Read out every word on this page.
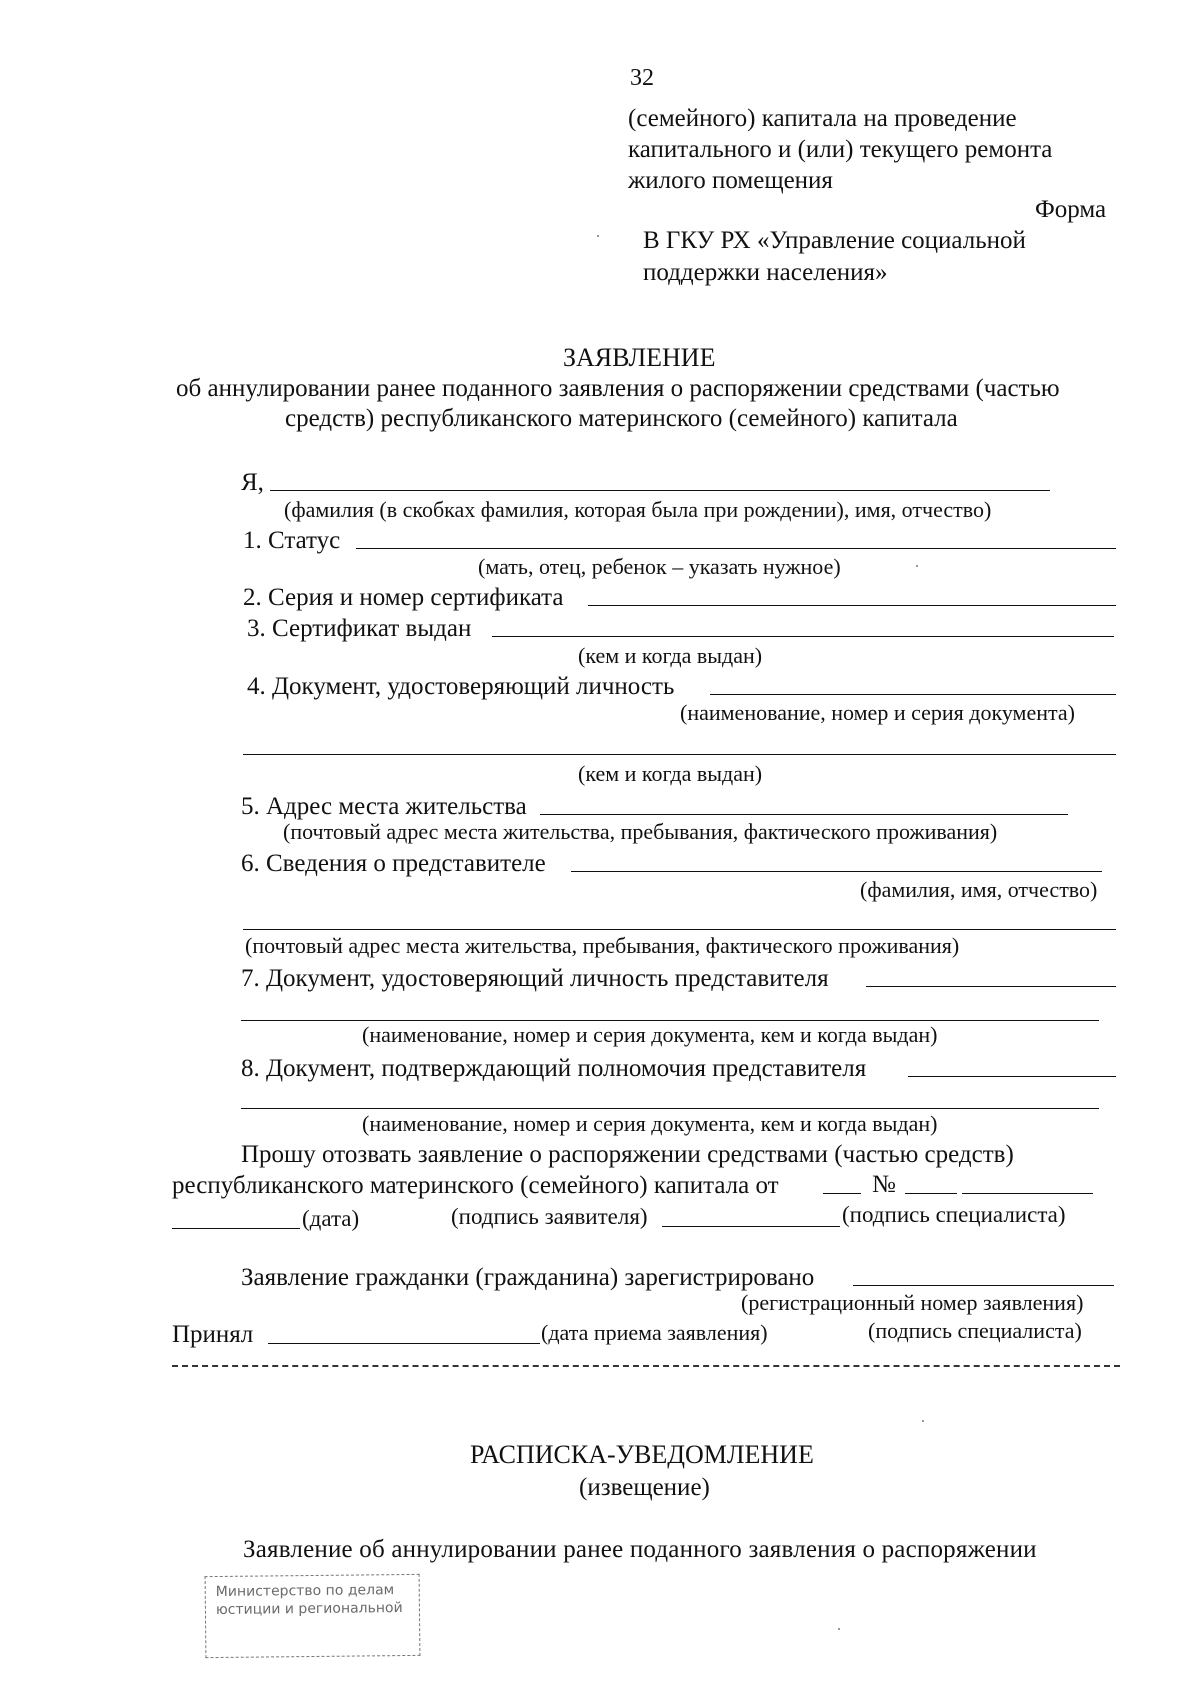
32
(семейного) капитала на проведение
капитального и (или) текущего ремонта
жилого помещения
Форма
В ГКУ РХ «Управление социальной
поддержки населения»
ЗАЯВЛЕНИЕ
об аннулировании ранее поданного заявления о распоряжении средствами (частью
средств) республиканского материнского (семейного) капитала
Я,
(фамилия (в скобках фамилия, которая была при рождении), имя, отчество)
1. Статус
(мать, отец, ребенок – указать нужное)
2. Серия и номер сертификата
3. Сертификат выдан
(кем и когда выдан)
4. Документ, удостоверяющий личность
(наименование, номер и серия документа)
(кем и когда выдан)
5. Адрес места жительства
(почтовый адрес места жительства, пребывания, фактического проживания)
6. Сведения о представителе
(фамилия, имя, отчество)
(почтовый адрес места жительства, пребывания, фактического проживания)
7. Документ, удостоверяющий личность представителя
(наименование, номер и серия документа, кем и когда выдан)
8. Документ, подтверждающий полномочия представителя
(наименование, номер и серия документа, кем и когда выдан)
Прошу отозвать заявление о распоряжении средствами (частью средств)
республиканского материнского (семейного) капитала от	№
(дата)	(подпись заявителя)	(подпись специалиста)
Заявление гражданки (гражданина) зарегистрировано
(регистрационный номер заявления)
Принял	(дата приема заявления)	(подпись специалиста)
РАСПИСКА-УВЕДОМЛЕНИЕ
(извещение)
Заявление об аннулировании ранее поданного заявления о распоряжении
Министерство по делам
юстиции и региональной
